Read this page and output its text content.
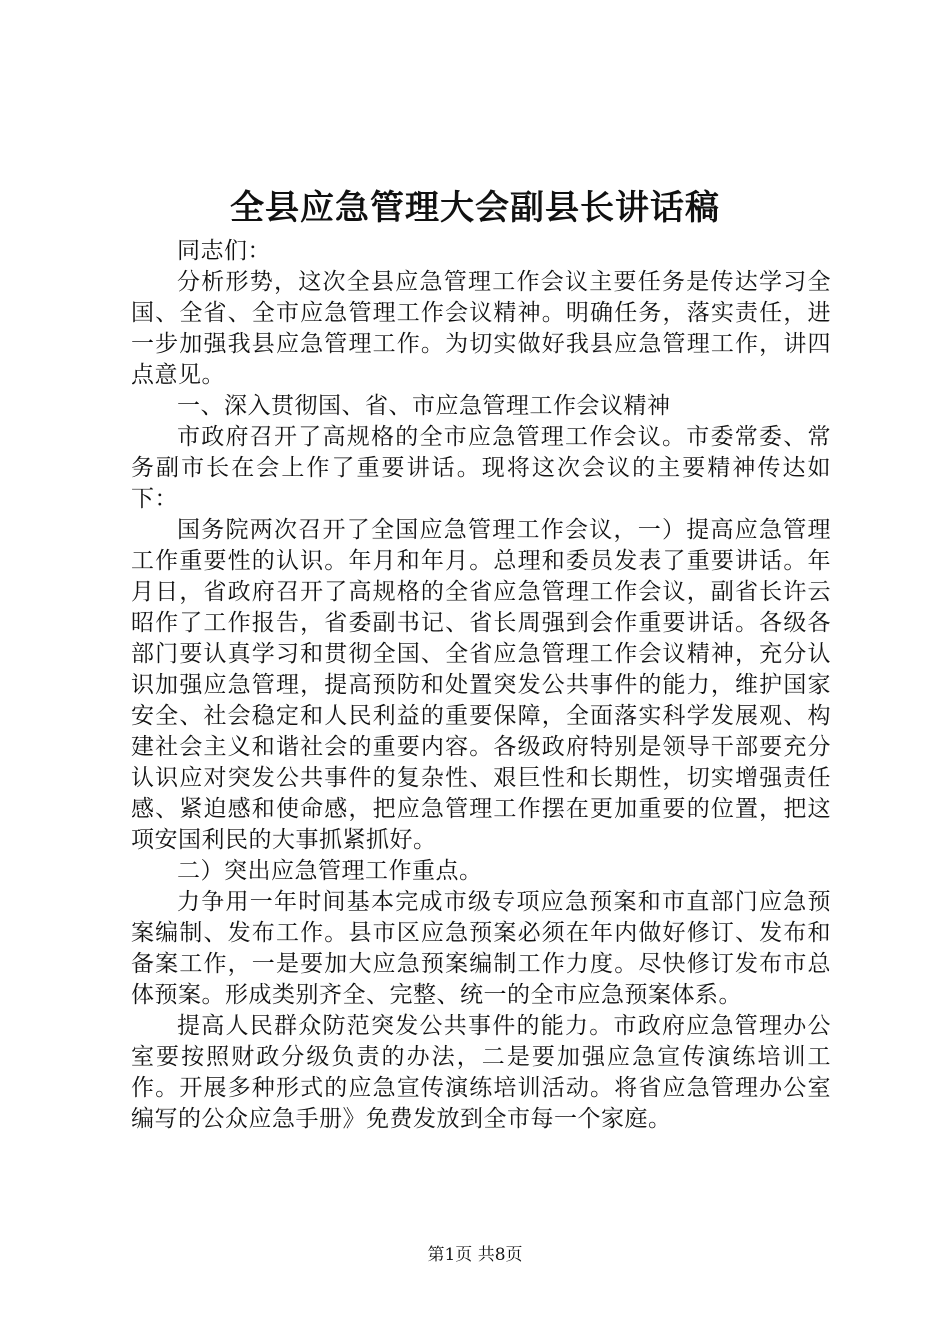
全县应急管理大会副县长讲话稿

同志们：

分析形势，这次全县应急管理工作会议主要任务是传达学习全国、全省、全市应急管理工作会议精神。明确任务，落实责任，进一步加强我县应急管理工作。为切实做好我县应急管理工作，讲四点意见。

一、深入贯彻国、省、市应急管理工作会议精神

市政府召开了高规格的全市应急管理工作会议。市委常委、常务副市长在会上作了重要讲话。现将这次会议的主要精神传达如下：

国务院两次召开了全国应急管理工作会议，一）提高应急管理工作重要性的认识。年月和年月。总理和委员发表了重要讲话。年月日，省政府召开了高规格的全省应急管理工作会议，副省长许云昭作了工作报告，省委副书记、省长周强到会作重要讲话。各级各部门要认真学习和贯彻全国、全省应急管理工作会议精神，充分认识加强应急管理，提高预防和处置突发公共事件的能力，维护国家安全、社会稳定和人民利益的重要保障，全面落实科学发展观、构建社会主义和谐社会的重要内容。各级政府特别是领导干部要充分认识应对突发公共事件的复杂性、艰巨性和长期性，切实增强责任感、紧迫感和使命感，把应急管理工作摆在更加重要的位置，把这项安国利民的大事抓紧抓好。

二）突出应急管理工作重点。

力争用一年时间基本完成市级专项应急预案和市直部门应急预案编制、发布工作。县市区应急预案必须在年内做好修订、发布和备案工作，一是要加大应急预案编制工作力度。尽快修订发布市总体预案。形成类别齐全、完整、统一的全市应急预案体系。

提高人民群众防范突发公共事件的能力。市政府应急管理办公室要按照财政分级负责的办法，二是要加强应急宣传演练培训工作。开展多种形式的应急宣传演练培训活动。将省应急管理办公室编写的公众应急手册》免费发放到全市每一个家庭。

第1页 共8页
